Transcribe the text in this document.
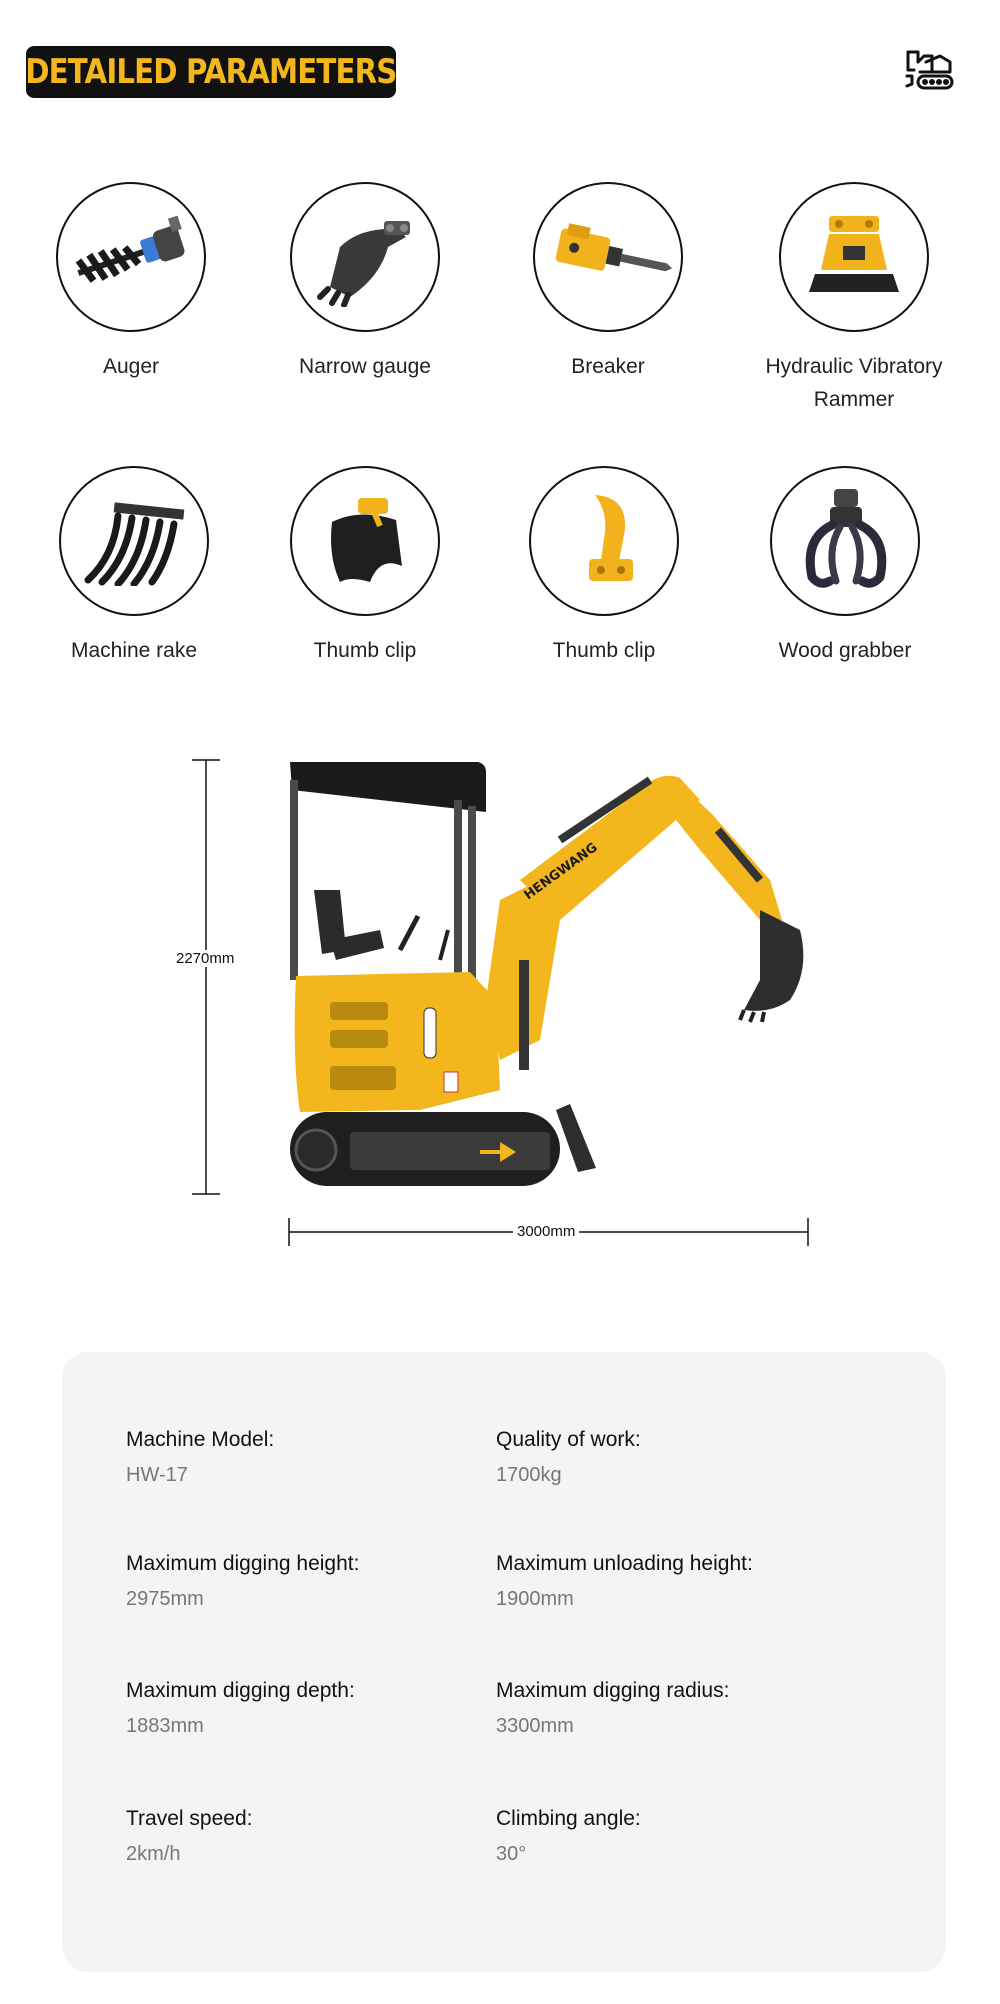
DETAILED PARAMETERS
Auger	Narrow gauge	Breaker	Hydraulic Vibratory Rammer
Machine rake	Thumb clip	Thumb clip	Wood grabber
HENGWANG
2270mm
3000mm
Machine Model:
HW-17
Quality of work:
1700kg
Maximum digging height:
2975mm
Maximum unloading height:
1900mm
Maximum digging depth:
1883mm
Maximum digging radius:
3300mm
Travel speed:
2km/h
Climbing angle:
30°
